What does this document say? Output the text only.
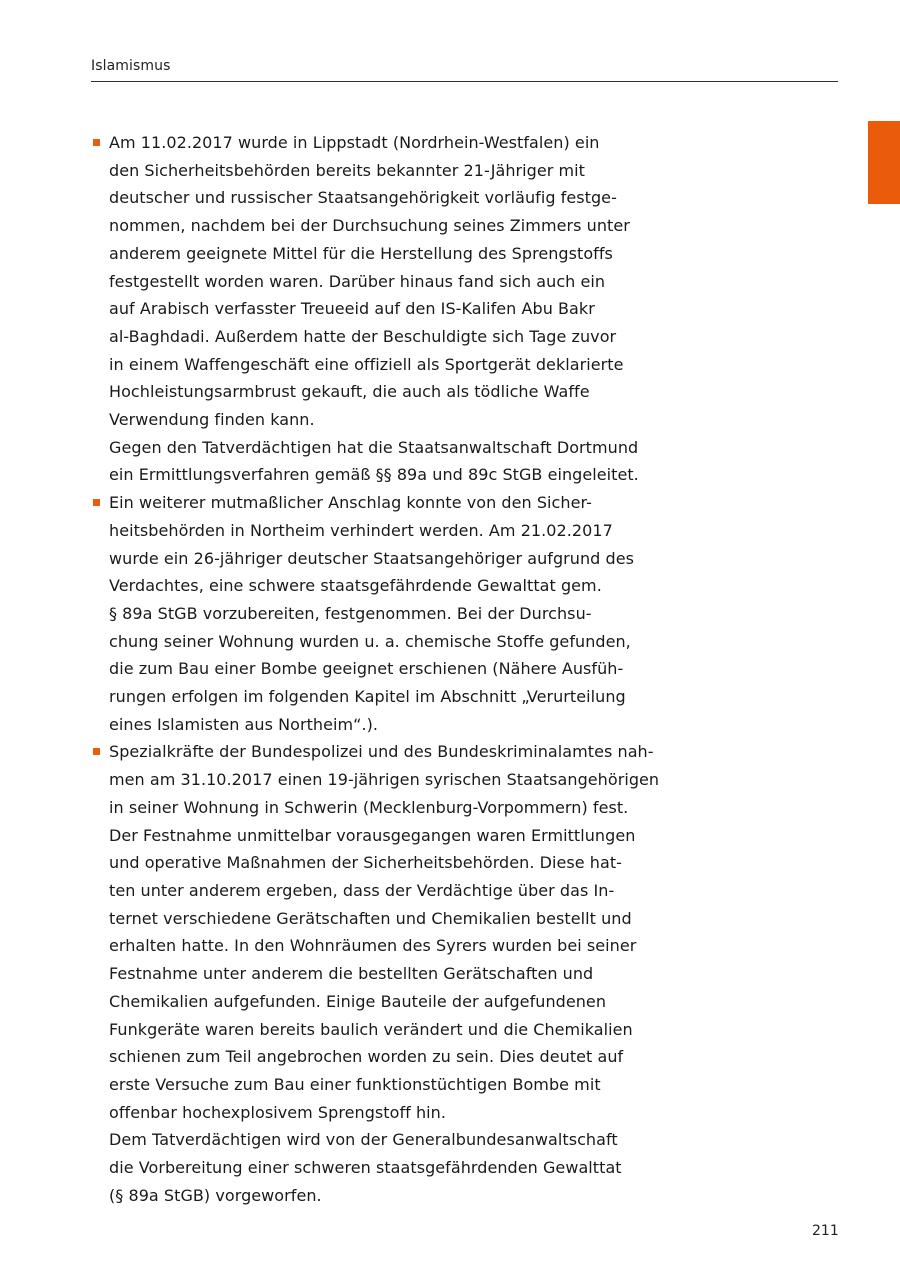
Islamismus

Am 11.02.2017 wurde in Lippstadt (Nordrhein-Westfalen) ein
den Sicherheitsbehörden bereits bekannter 21-Jähriger mit
deutscher und russischer Staatsangehörigkeit vorläufig festge-
nommen, nachdem bei der Durchsuchung seines Zimmers unter
anderem geeignete Mittel für die Herstellung des Sprengstoffs
festgestellt worden waren. Darüber hinaus fand sich auch ein
auf Arabisch verfasster Treueeid auf den IS-Kalifen Abu Bakr
al-Baghdadi. Außerdem hatte der Beschuldigte sich Tage zuvor
in einem Waffengeschäft eine offiziell als Sportgerät deklarierte
Hochleistungsarmbrust gekauft, die auch als tödliche Waffe
Verwendung finden kann.

Gegen den Tatverdächtigen hat die Staatsanwaltschaft Dortmund
ein Ermittlungsverfahren gemäß §§ 89a und 89c StGB eingeleitet.

Ein weiterer mutmaßlicher Anschlag konnte von den Sicher-
heitsbehörden in Northeim verhindert werden. Am 21.02.2017
wurde ein 26-jähriger deutscher Staatsangehöriger aufgrund des
Verdachtes, eine schwere staatsgefährdende Gewalttat gem.
§ 89a StGB vorzubereiten, festgenommen. Bei der Durchsu-
chung seiner Wohnung wurden u. a. chemische Stoffe gefunden,
die zum Bau einer Bombe geeignet erschienen (Nähere Ausfüh-
rungen erfolgen im folgenden Kapitel im Abschnitt „Verurteilung
eines Islamisten aus Northeim“.).

Spezialkräfte der Bundespolizei und des Bundeskriminalamtes nah-
men am 31.10.2017 einen 19-jährigen syrischen Staatsangehörigen
in seiner Wohnung in Schwerin (Mecklenburg-Vorpommern) fest.
Der Festnahme unmittelbar vorausgegangen waren Ermittlungen
und operative Maßnahmen der Sicherheitsbehörden. Diese hat-
ten unter anderem ergeben, dass der Verdächtige über das In-
ternet verschiedene Gerätschaften und Chemikalien bestellt und
erhalten hatte. In den Wohnräumen des Syrers wurden bei seiner
Festnahme unter anderem die bestellten Gerätschaften und
Chemikalien aufgefunden. Einige Bauteile der aufgefundenen
Funkgeräte waren bereits baulich verändert und die Chemikalien
schienen zum Teil angebrochen worden zu sein. Dies deutet auf
erste Versuche zum Bau einer funktionstüchtigen Bombe mit
offenbar hochexplosivem Sprengstoff hin.

Dem Tatverdächtigen wird von der Generalbundesanwaltschaft
die Vorbereitung einer schweren staatsgefährdenden Gewalttat
(§ 89a StGB) vorgeworfen.

211
